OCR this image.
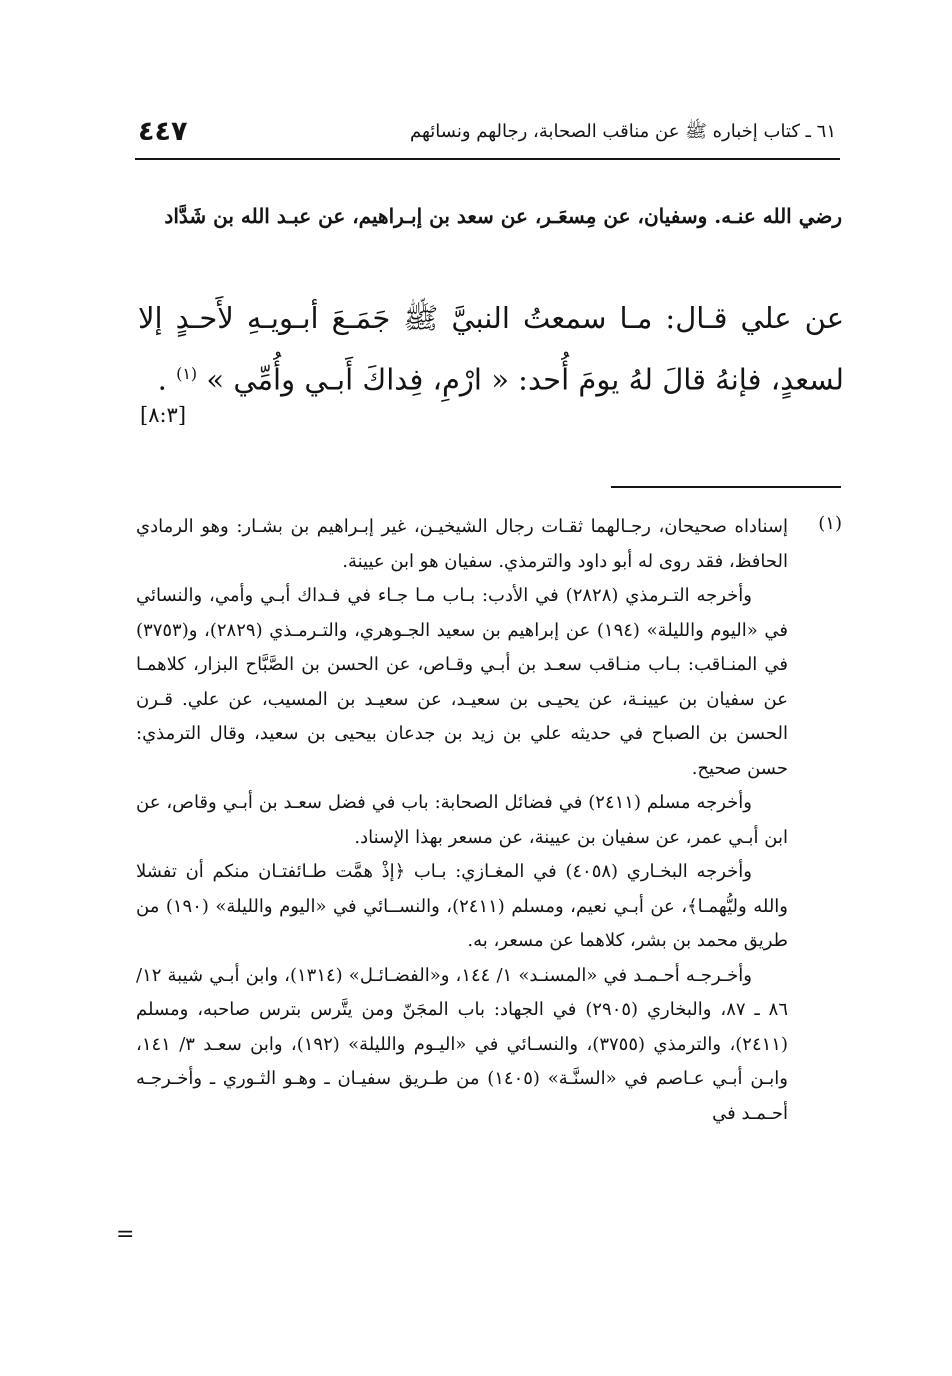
٤٤٧	٦١ ـ كتاب إخباره ﷺ عن مناقب الصحابة، رجالهم ونسائهم
رضي الله عنـه. وسفيان، عن مِسعَـر، عن سعد بن إبـراهيم، عن عبـد الله بن شَدَّاد
عن علي قـال: مـا سمعتُ النبيَّ ﷺ جَمَـعَ أبـويـهِ لأَحـدٍ إلا لسعدٍ، فإنهُ قالَ لهُ يومَ أُحد: « ارْمِ، فِداكَ أَبـي وأُمِّي » $^{(١)}$ .
[٨:٣]
(١)

إسناداه صحيحان، رجـالهما ثقـات رجال الشيخيـن، غير إبـراهيم بن بشـار: وهو الرمادي الحافظ، فقد روى له أبو داود والترمذي. سفيان هو ابن عيينة.

وأخرجه التـرمذي (٢٨٢٨) في الأدب: بـاب مـا جـاء في فـداك أبـي وأمي، والنسائي في «اليوم والليلة» (١٩٤) عن إبراهيم بن سعيد الجـوهري، والتـرمـذي (٢٨٢٩)، و(٣٧٥٣) في المنـاقب: بـاب منـاقب سعـد بن أبـي وقـاص، عن الحسن بن الصَّبَّاح البزار، كلاهمـا عن سفيان بن عيينـة، عن يحيـى بن سعيـد، عن سعيـد بن المسيب، عن علي. قـرن الحسن بن الصباح في حديثه علي بن زيد بن جدعان بيحيى بن سعيد، وقال الترمذي: حسن صحيح.

وأخرجه مسلم (٢٤١١) في فضائل الصحابة: باب في فضل سعـد بن أبـي وقاص، عن ابن أبـي عمر، عن سفيان بن عيينة، عن مسعر بهذا الإسناد.

وأخرجه البخـاري (٤٠٥٨) في المغـازي: بـاب ﴿إذْ همَّت طـائفتـان منكم أن تفشلا والله وليُّهمـا﴾، عن أبـي نعيم، ومسلم (٢٤١١)، والنســائي في «اليوم والليلة» (١٩٠) من طريق محمد بن بشر، كلاهما عن مسعر، به.

وأخـرجـه أحـمـد في «المسنـد» ١/ ١٤٤، و«الفضـائـل» (١٣١٤)، وابن أبـي شيبة ١٢/ ٨٦ ـ ٨٧، والبخاري (٢٩٠٥) في الجهاد: باب المجَنّ ومن يتَّرس بترس صاحبه، ومسلم (٢٤١١)، والترمذي (٣٧٥٥)، والنسـائي في «اليـوم والليلة» (١٩٢)، وابن سعـد ٣/ ١٤١، وابـن أبـي عـاصم في «السنَّـة» (١٤٠٥) من طـريق سفيـان ـ وهـو الثـوري ـ وأخـرجـه أحـمـد في

=
